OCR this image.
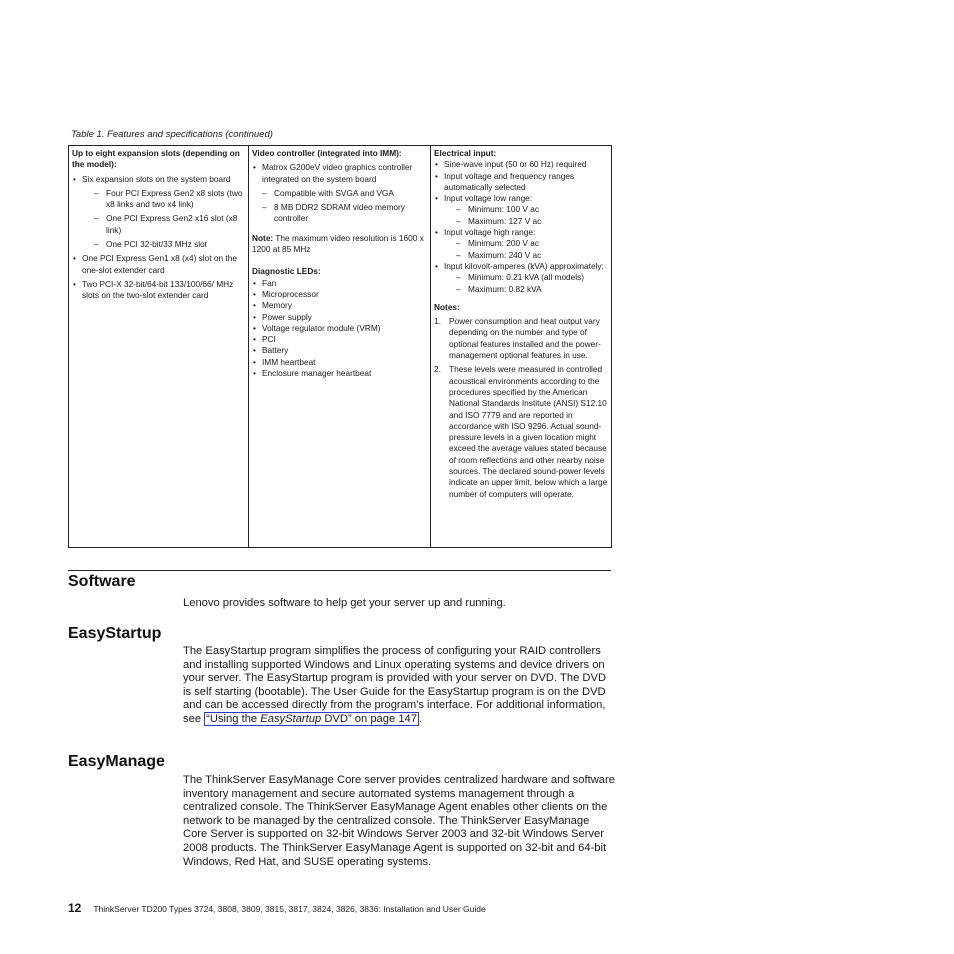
Table 1. Features and specifications (continued)
Up to eight expansion slots (depending on the model):
• Six expansion slots on the system board
– Four PCI Express Gen2 x8 slots (two x8 links and two x4 link)
– One PCI Express Gen2 x16 slot (x8 link)
– One PCI 32-bit/33 MHz slot
• One PCI Express Gen1 x8 (x4) slot on the one-slot extender card
• Two PCI-X 32-bit/64-bit 133/100/66/ MHz slots on the two-slot extender card

Video controller (integrated into IMM):
• Matrox G200eV video graphics controller integrated on the system board
– Compatible with SVGA and VGA
– 8 MB DDR2 SDRAM video memory controller
Note: The maximum video resolution is 1600 x 1200 at 85 MHz
Diagnostic LEDs:
• Fan
• Microprocessor
• Memory
• Power supply
• Voltage regulator module (VRM)
• PCI
• Battery
• IMM heartbeat
• Enclosure manager heartbeat

Electrical input:
• Sine-wave input (50 or 60 Hz) required
• Input voltage and frequency ranges automatically selected
• Input voltage low range:
– Minimum: 100 V ac
– Maximum: 127 V ac
• Input voltage high range:
– Minimum: 200 V ac
– Maximum: 240 V ac
• Input kilovolt-amperes (kVA) approximately:
– Minimum: 0.21 kVA (all models)
– Maximum: 0.82 kVA
Notes:
1. Power consumption and heat output vary depending on the number and type of optional features installed and the power-management optional features in use.
2. These levels were measured in controlled acoustical environments according to the procedures specified by the American National Standards Institute (ANSI) S12.10 and ISO 7779 and are reported in accordance with ISO 9296. Actual sound-pressure levels in a given location might exceed the average values stated because of room reflections and other nearby noise sources. The declared sound-power levels indicate an upper limit, below which a large number of computers will operate.
Software

Lenovo provides software to help get your server up and running.

EasyStartup

The EasyStartup program simplifies the process of configuring your RAID controllers and installing supported Windows and Linux operating systems and device drivers on your server. The EasyStartup program is provided with your server on DVD. The DVD is self starting (bootable). The User Guide for the EasyStartup program is on the DVD and can be accessed directly from the program's interface. For additional information, see “Using the EasyStartup DVD” on page 147 .

EasyManage

The ThinkServer EasyManage Core server provides centralized hardware and software inventory management and secure automated systems management through a centralized console. The ThinkServer EasyManage Agent enables other clients on the network to be managed by the centralized console. The ThinkServer EasyManage Core Server is supported on 32-bit Windows Server 2003 and 32-bit Windows Server 2008 products. The ThinkServer EasyManage Agent is supported on 32-bit and 64-bit Windows, Red Hat, and SUSE operating systems.

12 ThinkServer TD200 Types 3724, 3808, 3809, 3815, 3817, 3824, 3826, 3836: Installation and User Guide
